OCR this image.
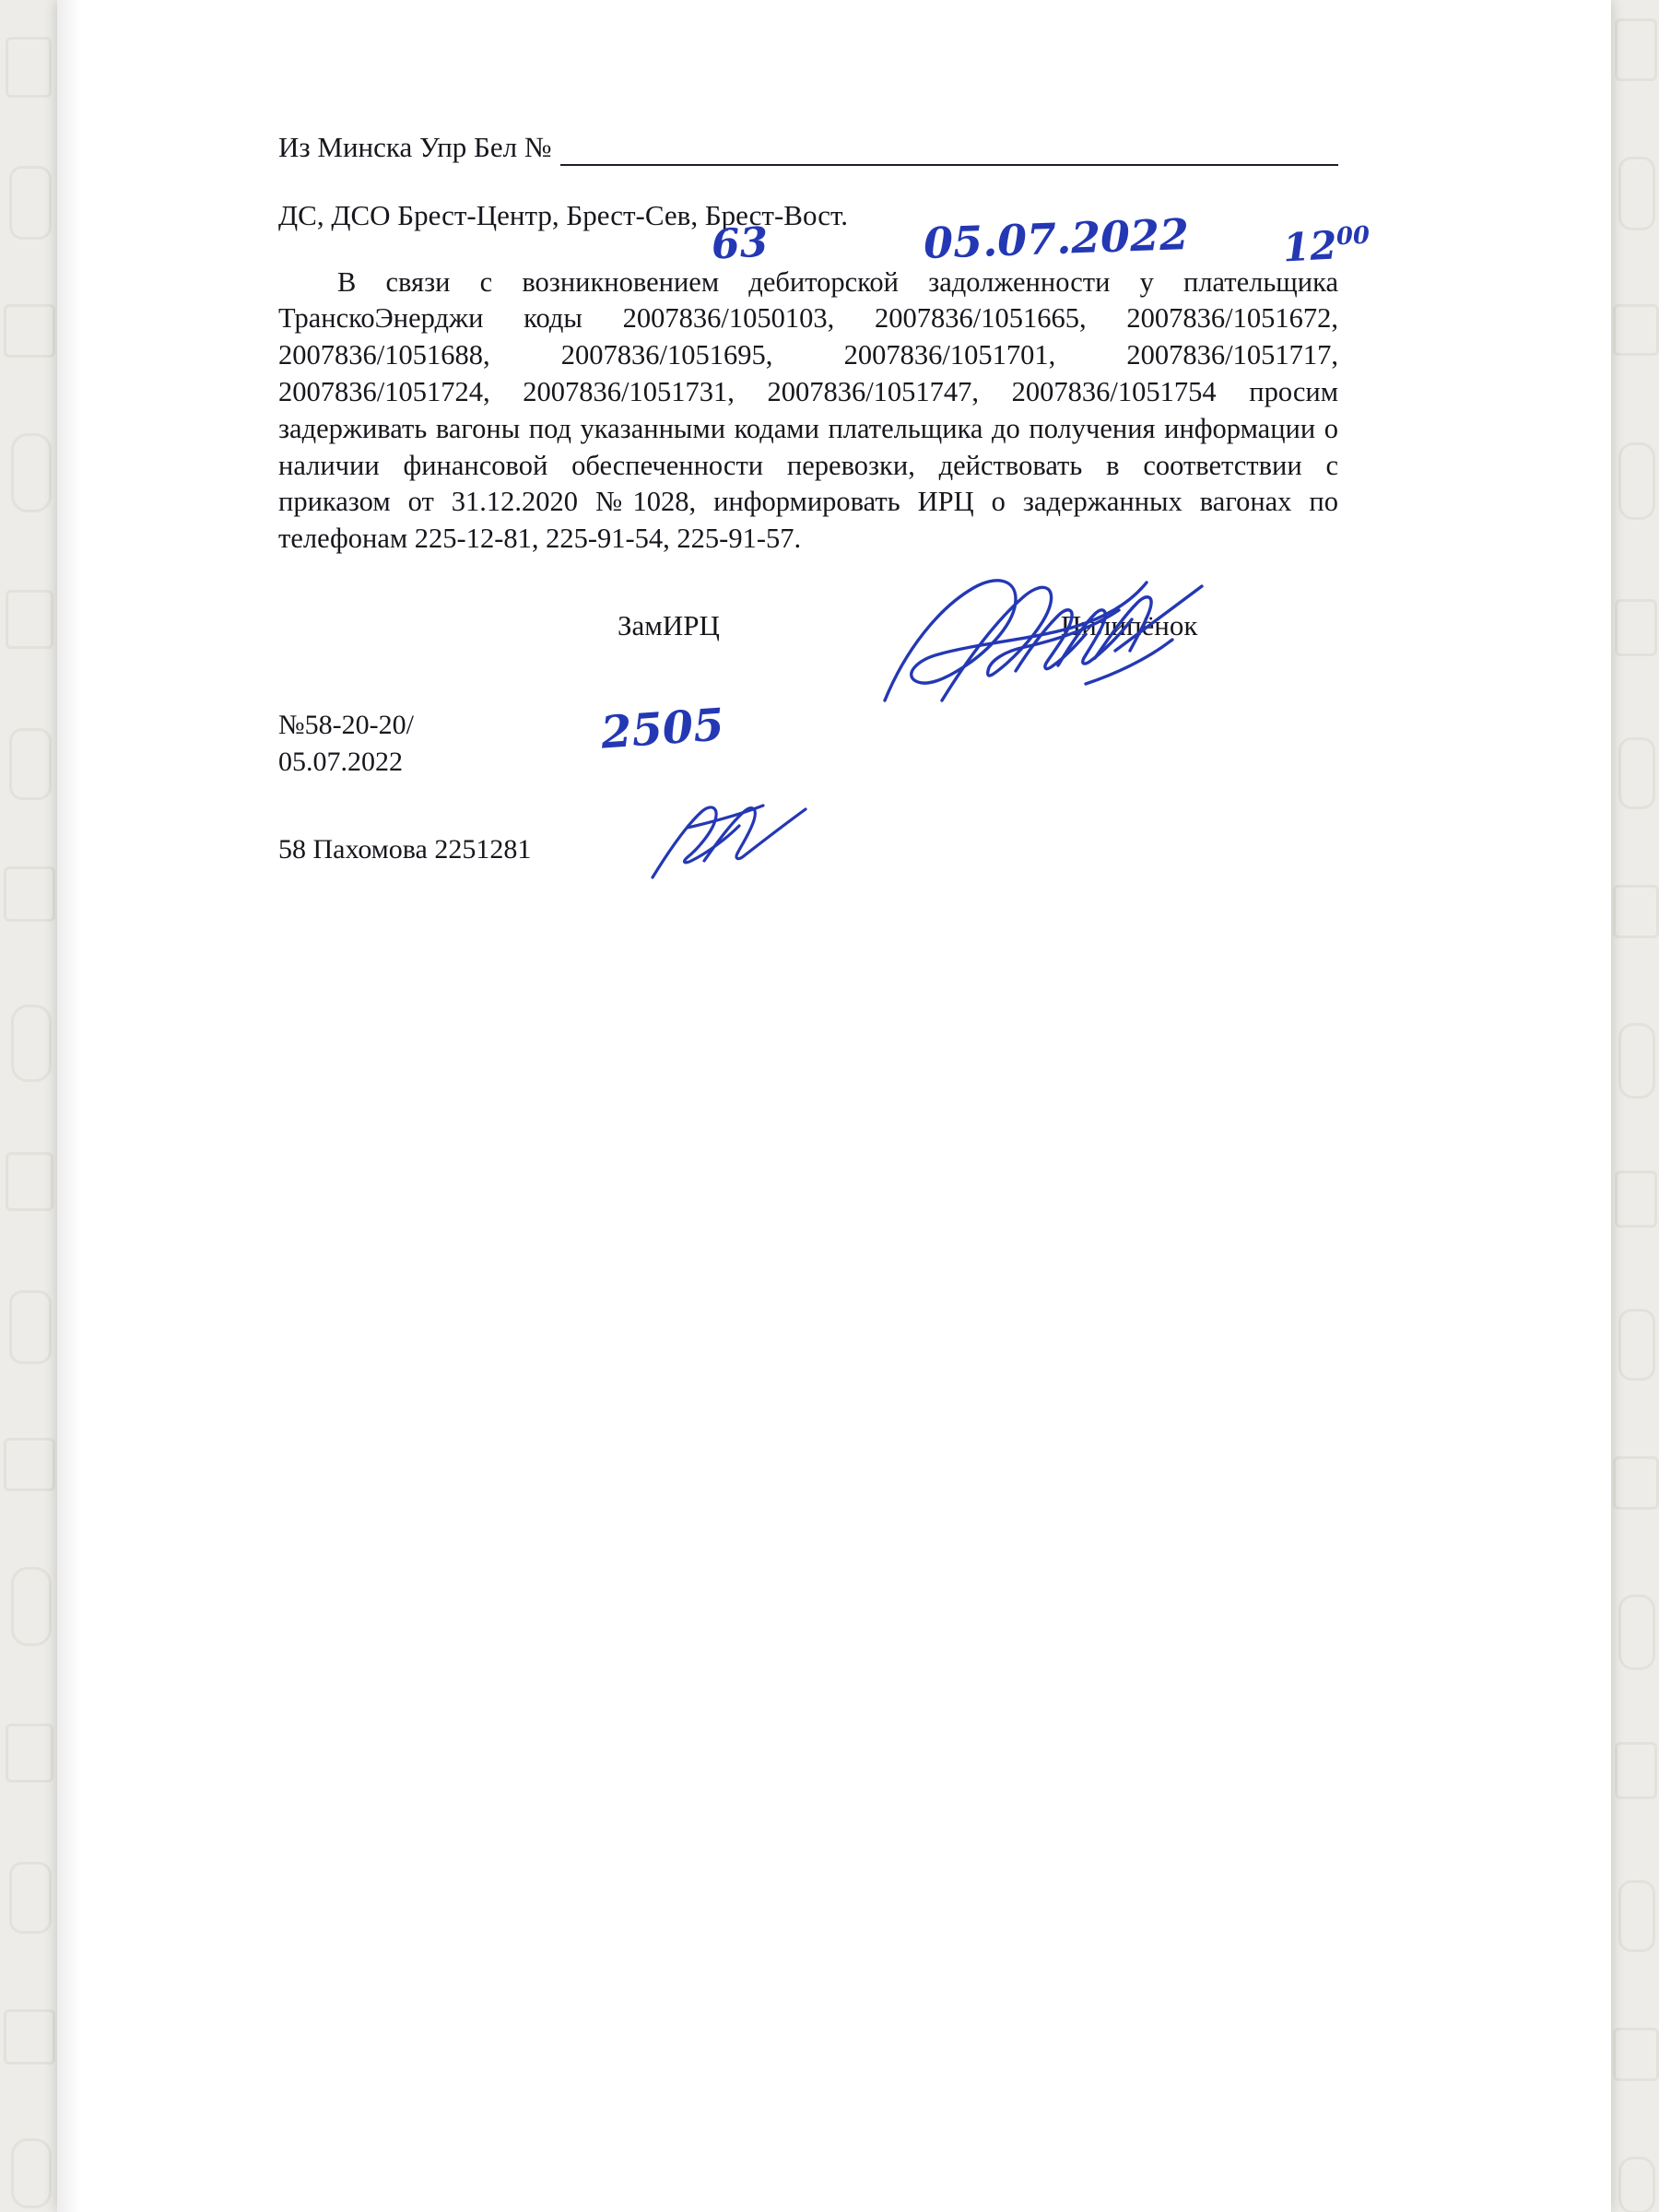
Из Минска Упр Бел №
ДС, ДСО Брест-Центр, Брест-Сев, Брест-Вост.
В связи с возникновением дебиторской задолженности у плательщика ТранскоЭнерджи коды 2007836/1050103, 2007836/1051665, 2007836/1051672, 2007836/1051688, 2007836/1051695, 2007836/1051701, 2007836/1051717, 2007836/1051724, 2007836/1051731, 2007836/1051747, 2007836/1051754 просим задерживать вагоны под указанными кодами плательщика до получения информации о наличии финансовой обеспеченности перевозки, действовать в соответствии с приказом от 31.12.2020 №1028, информировать ИРЦ о задержанных вагонах по телефонам 225-12-81, 225-91-54, 225-91-57.
ЗамИРЦ	Пилипёнок
№58-20-20/
05.07.2022
58 Пахомова 2251281
63	05.07.2022 $12^{00}$
2505
